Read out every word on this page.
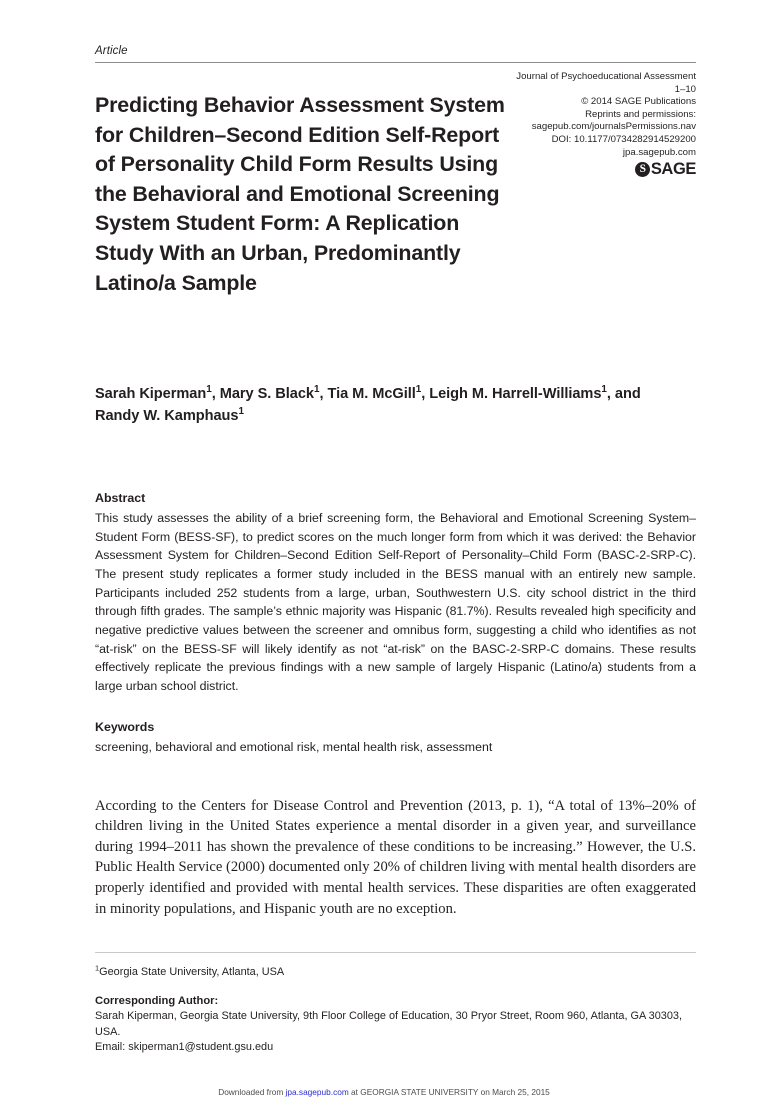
Article
Journal of Psychoeducational Assessment
1–10
© 2014 SAGE Publications
Reprints and permissions:
sagepub.com/journalsPermissions.nav
DOI: 10.1177/0734282914529200
jpa.sagepub.com
S SAGE
Predicting Behavior Assessment System for Children–Second Edition Self-Report of Personality Child Form Results Using the Behavioral and Emotional Screening System Student Form: A Replication Study With an Urban, Predominantly Latino/a Sample
Sarah Kiperman$^1$, Mary S. Black$^1$, Tia M. McGill$^1$, Leigh M. Harrell-Williams$^1$, and Randy W. Kamphaus$^1$
Abstract
This study assesses the ability of a brief screening form, the Behavioral and Emotional Screening System–Student Form (BESS-SF), to predict scores on the much longer form from which it was derived: the Behavior Assessment System for Children–Second Edition Self-Report of Personality–Child Form (BASC-2-SRP-C). The present study replicates a former study included in the BESS manual with an entirely new sample. Participants included 252 students from a large, urban, Southwestern U.S. city school district in the third through fifth grades. The sample’s ethnic majority was Hispanic (81.7%). Results revealed high specificity and negative predictive values between the screener and omnibus form, suggesting a child who identifies as not “at-risk” on the BESS-SF will likely identify as not “at-risk” on the BASC-2-SRP-C domains. These results effectively replicate the previous findings with a new sample of largely Hispanic (Latino/a) students from a large urban school district.
Keywords
screening, behavioral and emotional risk, mental health risk, assessment

According to the Centers for Disease Control and Prevention (2013, p. 1), “A total of 13%–20% of children living in the United States experience a mental disorder in a given year, and surveillance during 1994–2011 has shown the prevalence of these conditions to be increasing.” However, the U.S. Public Health Service (2000) documented only 20% of children living with mental health disorders are properly identified and provided with mental health services. These disparities are often exaggerated in minority populations, and Hispanic youth are no exception.

$^1$Georgia State University, Atlanta, USA
Corresponding Author:
Sarah Kiperman, Georgia State University, 9th Floor College of Education, 30 Pryor Street, Room 960, Atlanta, GA 30303, USA.
Email: skiperman1@student.gsu.edu
Downloaded from jpa.sagepub.com at GEORGIA STATE UNIVERSITY on March 25, 2015
